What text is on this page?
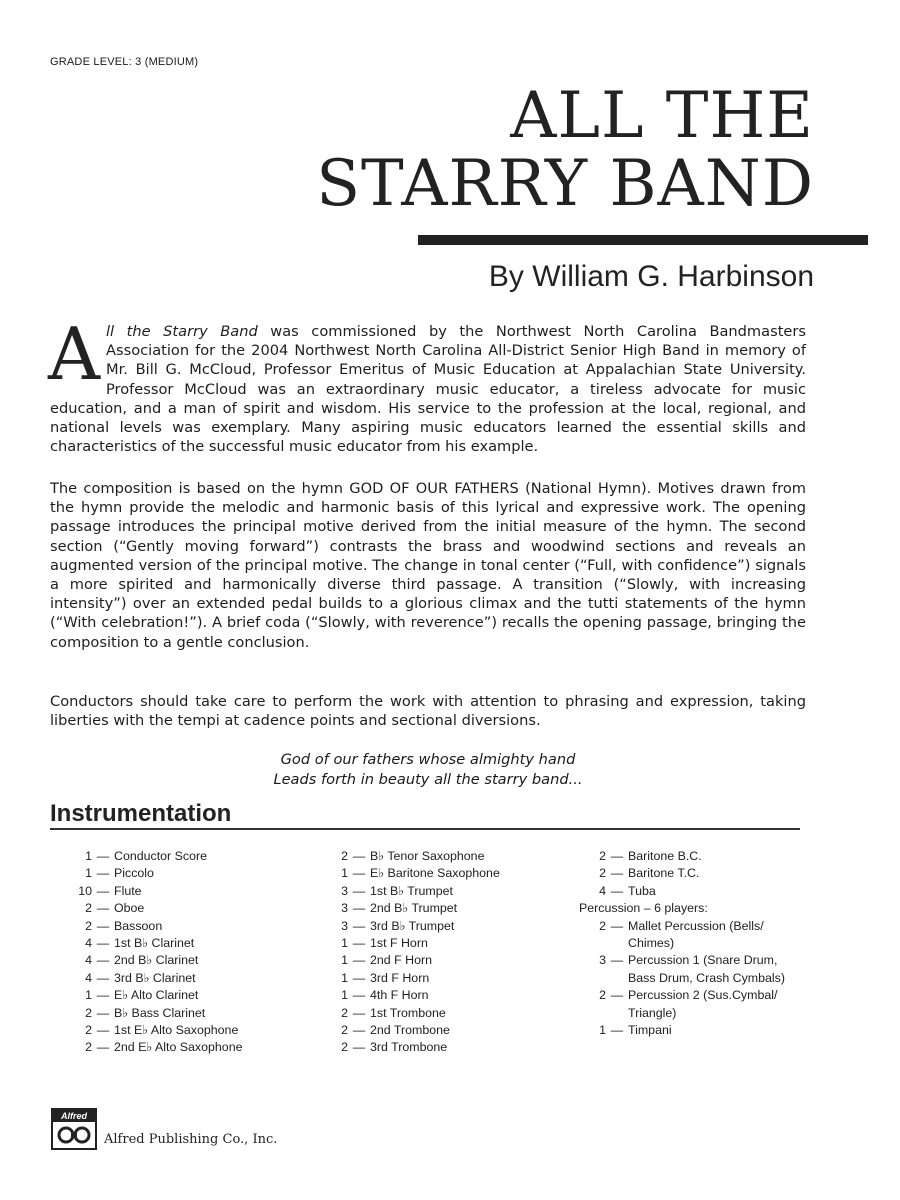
GRADE LEVEL: 3 (MEDIUM)
ALL THE
STARRY BAND
By William G. Harbinson
All the Starry Band was commissioned by the Northwest North Carolina Bandmasters Association for the 2004 Northwest North Carolina All-District Senior High Band in memory of Mr. Bill G. McCloud, Professor Emeritus of Music Education at Appalachian State University. Professor McCloud was an extraordinary music educator, a tireless advocate for music education, and a man of spirit and wisdom. His service to the profession at the local, regional, and national levels was exemplary. Many aspiring music educators learned the essential skills and characteristics of the successful music educator from his example.
The composition is based on the hymn GOD OF OUR FATHERS (National Hymn). Motives drawn from the hymn provide the melodic and harmonic basis of this lyrical and expressive work. The opening passage introduces the principal motive derived from the initial measure of the hymn. The second section (“Gently moving forward”) contrasts the brass and woodwind sections and reveals an augmented version of the principal motive. The change in tonal center (“Full, with confidence”) signals a more spirited and harmonically diverse third passage. A transition (“Slowly, with increasing intensity”) over an extended pedal builds to a glorious climax and the tutti statements of the hymn (“With celebration!”). A brief coda (“Slowly, with reverence”) recalls the opening passage, bringing the composition to a gentle conclusion.
Conductors should take care to perform the work with attention to phrasing and expression, taking liberties with the tempi at cadence points and sectional diversions.
God of our fathers whose almighty hand
Leads forth in beauty all the starry band...
Instrumentation
1 — Conductor Score
1 — Piccolo
10 — Flute
2 — Oboe
2 — Bassoon
4 — 1st B♭ Clarinet
4 — 2nd B♭ Clarinet
4 — 3rd B♭ Clarinet
1 — E♭ Alto Clarinet
2 — B♭ Bass Clarinet
2 — 1st E♭ Alto Saxophone
2 — 2nd E♭ Alto Saxophone
2 — B♭ Tenor Saxophone
1 — E♭ Baritone Saxophone
3 — 1st B♭ Trumpet
3 — 2nd B♭ Trumpet
3 — 3rd B♭ Trumpet
1 — 1st F Horn
1 — 2nd F Horn
1 — 3rd F Horn
1 — 4th F Horn
2 — 1st Trombone
2 — 2nd Trombone
2 — 3rd Trombone
2 — Baritone B.C.
2 — Baritone T.C.
4 — Tuba
Percussion – 6 players:
2 — Mallet Percussion (Bells/ Chimes)
3 — Percussion 1 (Snare Drum, Bass Drum, Crash Cymbals)
2 — Percussion 2 (Sus.Cymbal/ Triangle)
1 — Timpani
Alfred
Alfred Publishing Co., Inc.
